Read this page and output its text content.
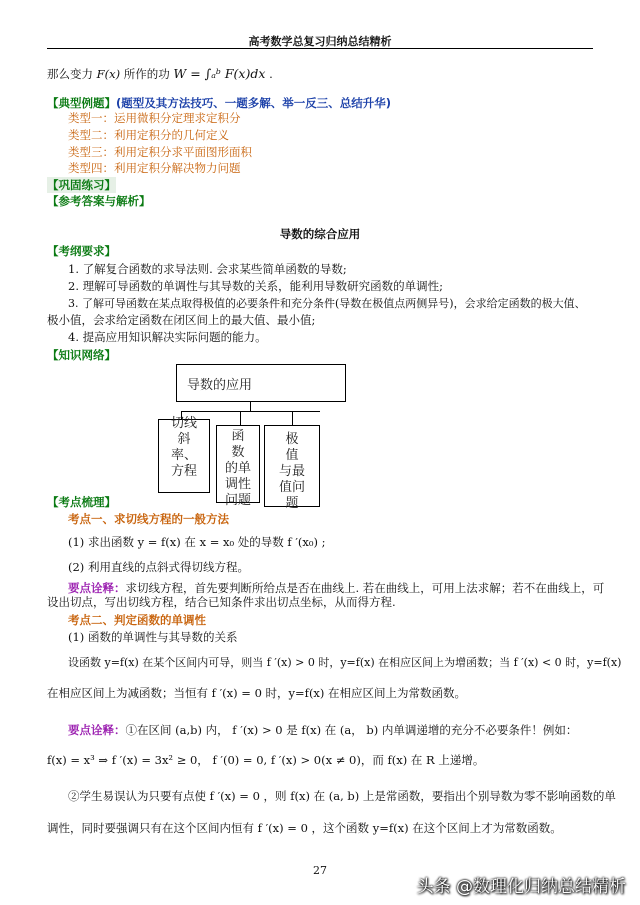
高考数学总复习归纳总结精析
那么变力 F(x) 所作的功 W = ∫ₐᵇ F(x)dx .
【典型例题】(题型及其方法技巧、一题多解、举一反三、总结升华)
类型一：运用微积分定理求定积分
类型二：利用定积分的几何定义
类型三：利用定积分求平面图形面积
类型四：利用定积分解决物力问题
【巩固练习】
【参考答案与解析】
导数的综合应用
【考纲要求】
1. 了解复合函数的求导法则. 会求某些简单函数的导数;
2. 理解可导函数的单调性与其导数的关系，能利用导数研究函数的单调性;
3. 了解可导函数在某点取得极值的必要条件和充分条件(导数在极值点两侧异号)，会求给定函数的极大值、
极小值，会求给定函数在闭区间上的最大值、最小值;
4. 提高应用知识解决实际问题的能力。
【知识网络】
导数的应用
切线
斜
率、
方程
函
数
的单
调性
问题
极
值
与最
值问
题
【考点梳理】
考点一、求切线方程的一般方法
(1) 求出函数 y = f(x) 在 x = x₀ 处的导数 f ′(x₀) ;
(2) 利用直线的点斜式得切线方程。
要点诠释：求切线方程，首先要判断所给点是否在曲线上. 若在曲线上，可用上法求解；若不在曲线上，可
设出切点，写出切线方程，结合已知条件求出切点坐标，从而得方程.
考点二、判定函数的单调性
(1) 函数的单调性与其导数的关系
设函数 y=f(x) 在某个区间内可导，则当 f ′(x) > 0 时，y=f(x) 在相应区间上为增函数；当 f ′(x) < 0 时，y=f(x)
在相应区间上为减函数；当恒有 f ′(x) = 0 时，y=f(x) 在相应区间上为常数函数。
要点诠释：①在区间 (a,b) 内， f ′(x) > 0 是 f(x) 在 (a， b) 内单调递增的充分不必要条件！例如：
f(x) = x³ ⇒ f ′(x) = 3x² ≥ 0， f ′(0) = 0, f ′(x) > 0(x ≠ 0)，而 f(x) 在 R 上递增。
②学生易误认为只要有点使 f ′(x) = 0 ，则 f(x) 在 (a, b) 上是常函数，要指出个别导数为零不影响函数的单
调性，同时要强调只有在这个区间内恒有 f ′(x) = 0 ，这个函数 y=f(x) 在这个区间上才为常数函数。
27
头条 @数理化归纳总结精析
